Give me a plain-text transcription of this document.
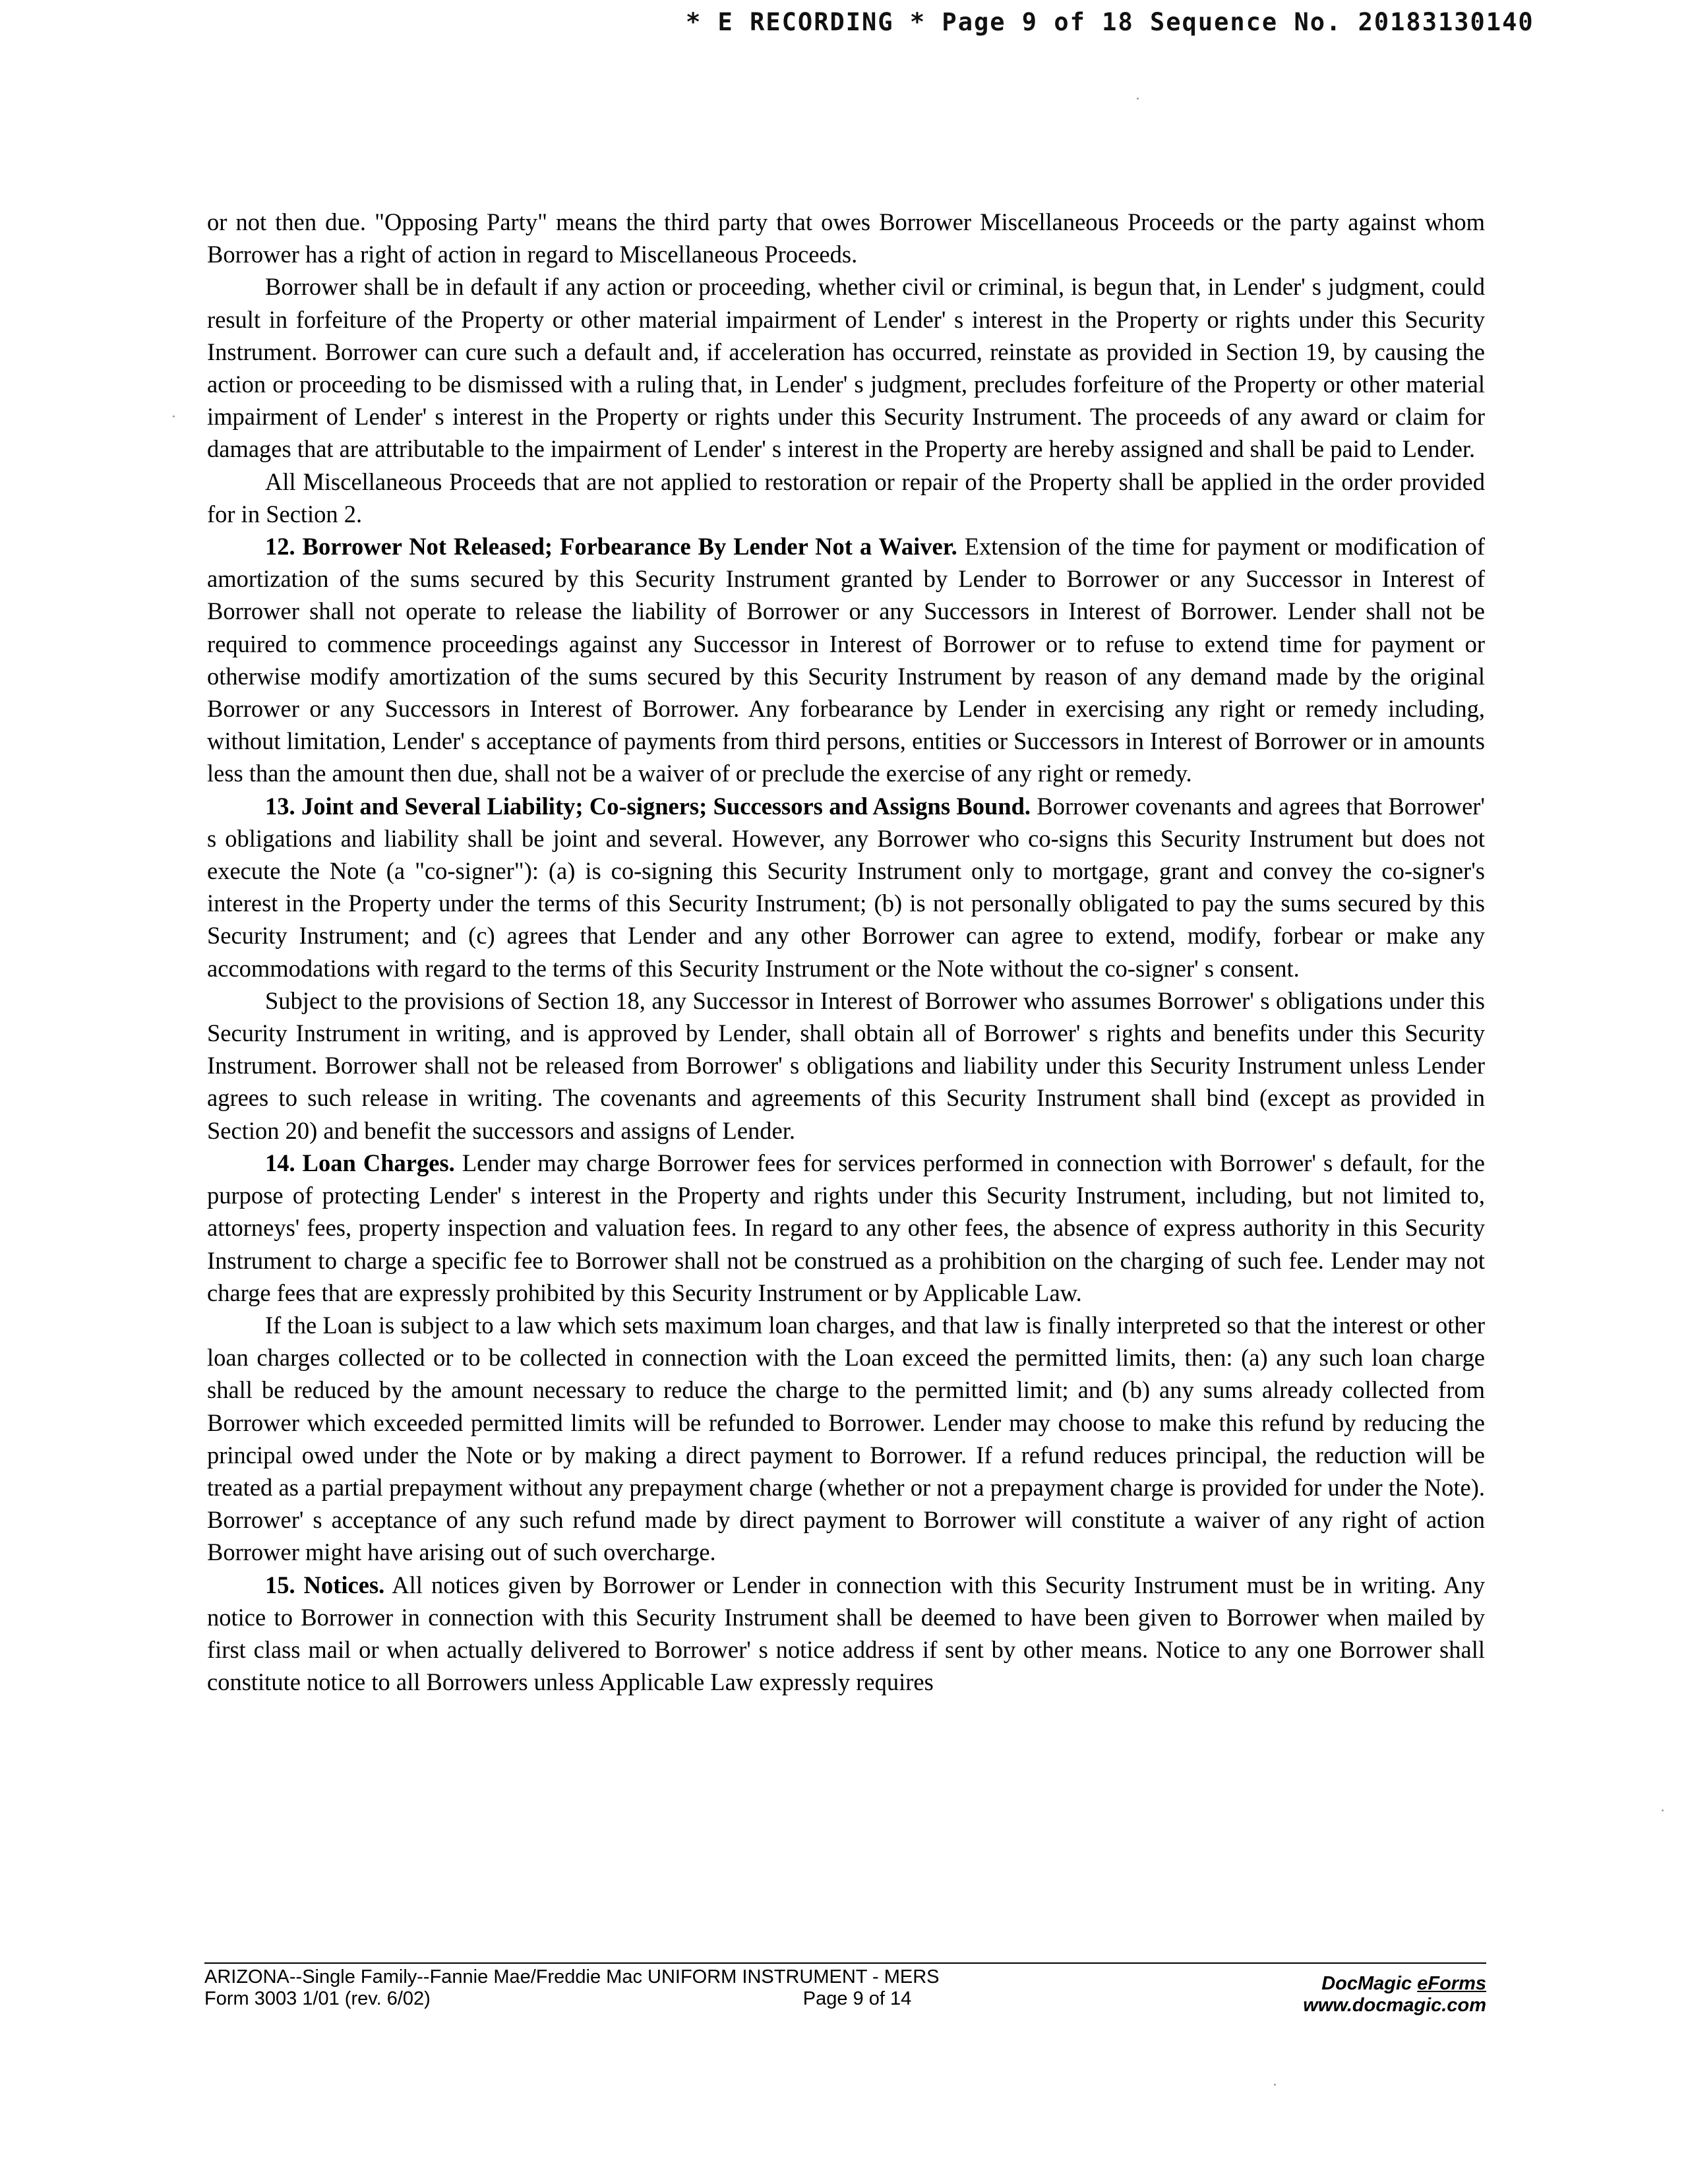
* E RECORDING * Page 9 of 18 Sequence No. 20183130140

or not then due. "Opposing Party" means the third party that owes Borrower Miscellaneous Proceeds or the party against whom Borrower has a right of action in regard to Miscellaneous Proceeds.

Borrower shall be in default if any action or proceeding, whether civil or criminal, is begun that, in Lender' s judgment, could result in forfeiture of the Property or other material impairment of Lender' s interest in the Property or rights under this Security Instrument. Borrower can cure such a default and, if acceleration has occurred, reinstate as provided in Section 19, by causing the action or proceeding to be dismissed with a ruling that, in Lender' s judgment, precludes forfeiture of the Property or other material impairment of Lender' s interest in the Property or rights under this Security Instrument. The proceeds of any award or claim for damages that are attributable to the impairment of Lender' s interest in the Property are hereby assigned and shall be paid to Lender.

All Miscellaneous Proceeds that are not applied to restoration or repair of the Property shall be applied in the order provided for in Section 2.

12. Borrower Not Released; Forbearance By Lender Not a Waiver. Extension of the time for payment or modification of amortization of the sums secured by this Security Instrument granted by Lender to Borrower or any Successor in Interest of Borrower shall not operate to release the liability of Borrower or any Successors in Interest of Borrower. Lender shall not be required to commence proceedings against any Successor in Interest of Borrower or to refuse to extend time for payment or otherwise modify amortization of the sums secured by this Security Instrument by reason of any demand made by the original Borrower or any Successors in Interest of Borrower. Any forbearance by Lender in exercising any right or remedy including, without limitation, Lender' s acceptance of payments from third persons, entities or Successors in Interest of Borrower or in amounts less than the amount then due, shall not be a waiver of or preclude the exercise of any right or remedy.

13. Joint and Several Liability; Co-signers; Successors and Assigns Bound. Borrower covenants and agrees that Borrower' s obligations and liability shall be joint and several. However, any Borrower who co-signs this Security Instrument but does not execute the Note (a "co-signer"): (a) is co-signing this Security Instrument only to mortgage, grant and convey the co-signer's interest in the Property under the terms of this Security Instrument; (b) is not personally obligated to pay the sums secured by this Security Instrument; and (c) agrees that Lender and any other Borrower can agree to extend, modify, forbear or make any accommodations with regard to the terms of this Security Instrument or the Note without the co-signer' s consent.

Subject to the provisions of Section 18, any Successor in Interest of Borrower who assumes Borrower' s obligations under this Security Instrument in writing, and is approved by Lender, shall obtain all of Borrower' s rights and benefits under this Security Instrument. Borrower shall not be released from Borrower' s obligations and liability under this Security Instrument unless Lender agrees to such release in writing. The covenants and agreements of this Security Instrument shall bind (except as provided in Section 20) and benefit the successors and assigns of Lender.

14. Loan Charges. Lender may charge Borrower fees for services performed in connection with Borrower' s default, for the purpose of protecting Lender' s interest in the Property and rights under this Security Instrument, including, but not limited to, attorneys' fees, property inspection and valuation fees. In regard to any other fees, the absence of express authority in this Security Instrument to charge a specific fee to Borrower shall not be construed as a prohibition on the charging of such fee. Lender may not charge fees that are expressly prohibited by this Security Instrument or by Applicable Law.

If the Loan is subject to a law which sets maximum loan charges, and that law is finally interpreted so that the interest or other loan charges collected or to be collected in connection with the Loan exceed the permitted limits, then: (a) any such loan charge shall be reduced by the amount necessary to reduce the charge to the permitted limit; and (b) any sums already collected from Borrower which exceeded permitted limits will be refunded to Borrower. Lender may choose to make this refund by reducing the principal owed under the Note or by making a direct payment to Borrower. If a refund reduces principal, the reduction will be treated as a partial prepayment without any prepayment charge (whether or not a prepayment charge is provided for under the Note). Borrower' s acceptance of any such refund made by direct payment to Borrower will constitute a waiver of any right of action Borrower might have arising out of such overcharge.

15. Notices. All notices given by Borrower or Lender in connection with this Security Instrument must be in writing. Any notice to Borrower in connection with this Security Instrument shall be deemed to have been given to Borrower when mailed by first class mail or when actually delivered to Borrower' s notice address if sent by other means. Notice to any one Borrower shall constitute notice to all Borrowers unless Applicable Law expressly requires

ARIZONA--Single Family--Fannie Mae/Freddie Mac UNIFORM INSTRUMENT - MERS
Form 3003 1/01 (rev. 6/02)	Page 9 of 14
DocMagic eForms
www.docmagic.com
